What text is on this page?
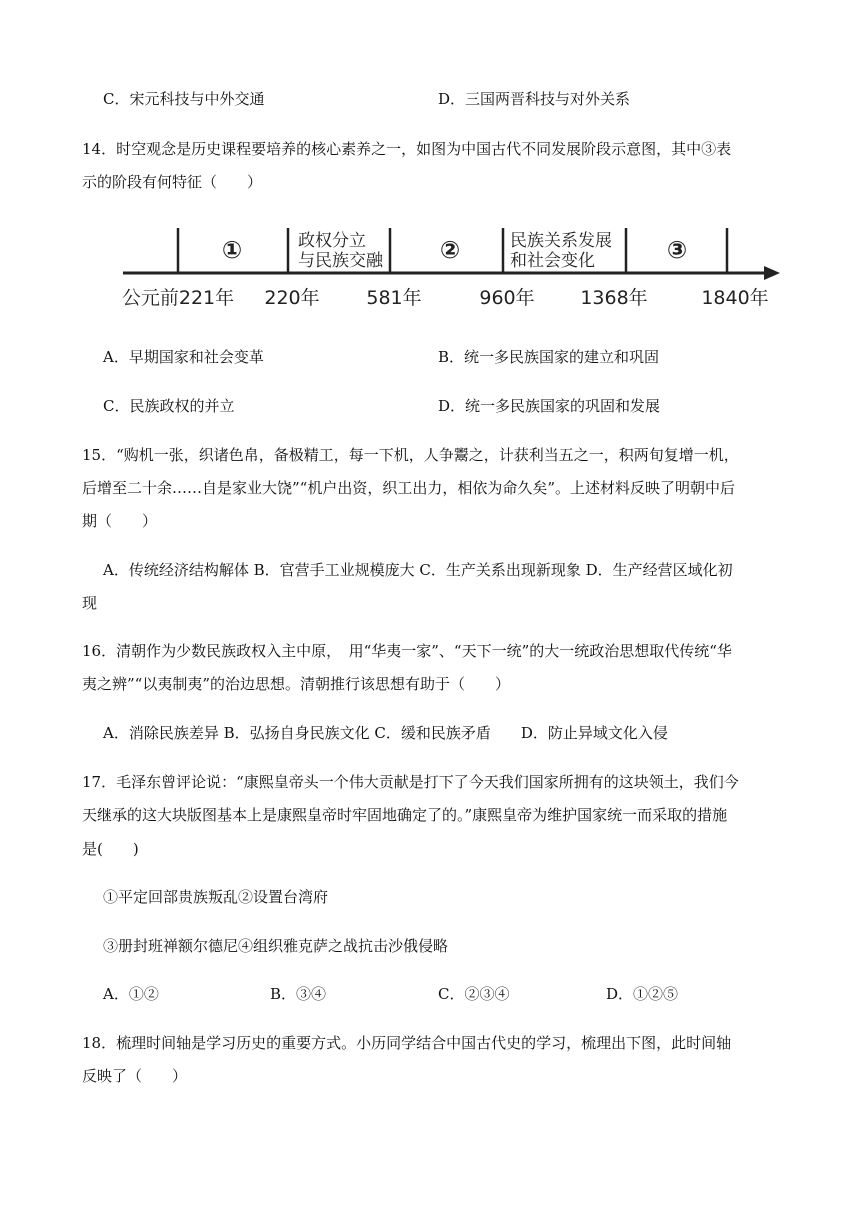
C．宋元科技与中外交通	D．三国两晋科技与对外关系
14．时空观念是历史课程要培养的核心素养之一，如图为中国古代不同发展阶段示意图，其中③表
示的阶段有何特征（　　）
①	政权分立
与民族交融 ②	民族关系发展
和社会变化	③
公元前221年 220年 581年	960年 1368年	1840年
A．早期国家和社会变革	B．统一多民族国家的建立和巩固
C．民族政权的并立	D．统一多民族国家的巩固和发展
15．“购机一张，织诸色帛，备极精工，每一下机，人争鬻之，计获利当五之一，积两旬复增一机，
后增至二十余……自是家业大饶”“机户出资，织工出力，相依为命久矣”。上述材料反映了明朝中后
期（　　）
A．传统经济结构解体 B．官营手工业规模庞大 C．生产关系出现新现象 D．生产经营区域化初
现
16．清朝作为少数民族政权入主中原，　用“华夷一家”、“天下一统”的大一统政治思想取代传统“华
夷之辨”“以夷制夷”的治边思想。清朝推行该思想有助于（　　）
A．消除民族差异 B．弘扬自身民族文化 C．缓和民族矛盾　　D．防止异域文化入侵
17．毛泽东曾评论说：“康熙皇帝头一个伟大贡献是打下了今天我们国家所拥有的这块领土，我们今
天继承的这大块版图基本上是康熙皇帝时牢固地确定了的。”康熙皇帝为维护国家统一而采取的措施
是(　　)
①平定回部贵族叛乱②设置台湾府
③册封班禅额尔德尼④组织雅克萨之战抗击沙俄侵略
A．①②	B．③④	C．②③④	D．①②⑤
18．梳理时间轴是学习历史的重要方式。小历同学结合中国古代史的学习，梳理出下图，此时间轴
反映了（　　）
